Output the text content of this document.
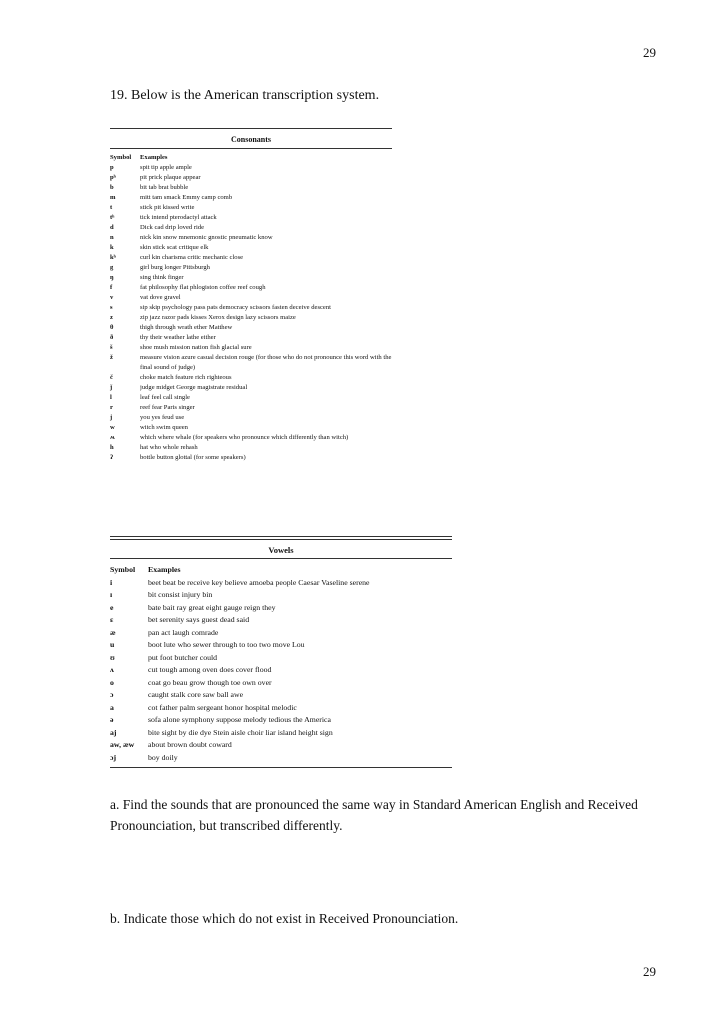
29
19. Below is the American transcription system.
Consonants
Symbol	Examples
p	spit tip apple ample
pʰ	pit prick plaque appear
b	bit tab brat bubble
m	mitt tam smack Emmy camp comb
t	stick pit kissed write
tʰ	tick intend pterodactyl attack
d	Dick cad drip loved ride
n	nick kin snow mnemonic gnostic pneumatic know
k	skin stick scat critique elk
kʰ	curl kin charisma critic mechanic close
g	girl burg longer Pittsburgh
ŋ	sing think finger
f	fat philosophy flat phlogiston coffee reef cough
v	vat dove gravel
s	sip skip psychology pass pats democracy scissors fasten deceive descent
z	zip jazz razor pads kisses Xerox design lazy scissors maize
θ	thigh through wrath ether Matthew
ð	thy their weather lathe either
š	shoe mush mission nation fish glacial sure
ž	measure vision azure casual decision rouge (for those who do not pronounce this word with the final sound of judge)
č	choke match feature rich righteous
ǰ	judge midget George magistrate residual
l	leaf feel call single
r	reef fear Paris singer
j	you yes feud use
w	witch swim queen
ʍ	which where whale (for speakers who pronounce which differently than witch)
h	hat who whole rehash
ʔ	bottle button glottal (for some speakers)
Vowels
Symbol	Examples
i	beet beat be receive key believe amoeba people Caesar Vaseline serene
ɪ	bit consist injury bin
e	bate bait ray great eight gauge reign they
ɛ	bet serenity says guest dead said
æ	pan act laugh comrade
u	boot lute who sewer through to too two move Lou
ʊ	put foot butcher could
ʌ	cut tough among oven does cover flood
o	coat go beau grow though toe own over
ɔ	caught stalk core saw ball awe
a	cot father palm sergeant honor hospital melodic
ə	sofa alone symphony suppose melody tedious the America
aj	bite sight by die dye Stein aisle choir liar island height sign
aw, æw	about brown doubt coward
ɔj	boy doily
a. Find the sounds that are pronounced the same way in Standard American English and Received Pronounciation, but transcribed differently.
b. Indicate those which do not exist in Received Pronounciation.
29
